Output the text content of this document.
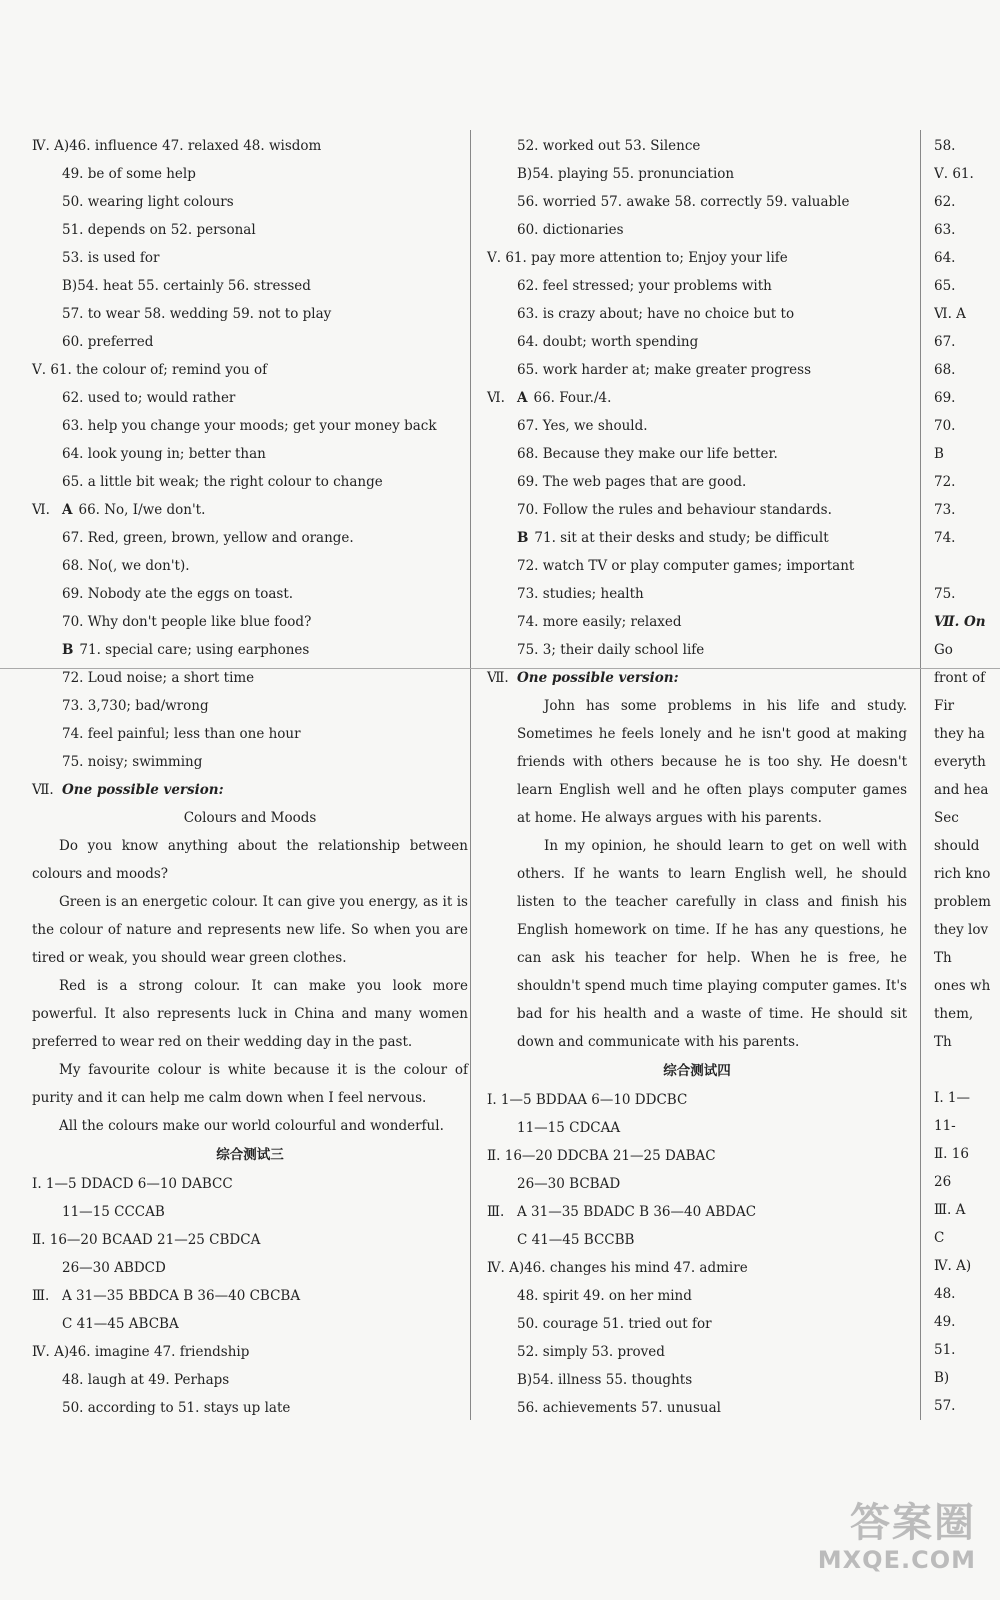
Ⅳ. A)46. influence 47. relaxed 48. wisdom
49. be of some help
50. wearing light colours
51. depends on 52. personal
53. is used for
B)54. heat 55. certainly 56. stressed
57. to wear 58. wedding 59. not to play
60. preferred
Ⅴ. 61. the colour of; remind you of
62. used to; would rather
63. help you change your moods; get your money back
64. look young in; better than
65. a little bit weak; the right colour to change
Ⅵ. A 66. No, I/we don't.
67. Red, green, brown, yellow and orange.
68. No(, we don't).
69. Nobody ate the eggs on toast.
70. Why don't people like blue food?
B 71. special care; using earphones
72. Loud noise; a short time
73. 3,730; bad/wrong
74. feel painful; less than one hour
75. noisy; swimming
Ⅶ. One possible version:
Colours and Moods

Do you know anything about the relationship between colours and moods?

Green is an energetic colour. It can give you energy, as it is the colour of nature and represents new life. So when you are tired or weak, you should wear green clothes.

Red is a strong colour. It can make you look more powerful. It also represents luck in China and many women preferred to wear red on their wedding day in the past.

My favourite colour is white because it is the colour of purity and it can help me calm down when I feel nervous.

All the colours make our world colourful and wonderful.

综合测试三
Ⅰ. 1—5 DDACD 6—10 DABCC
11—15 CCCAB
Ⅱ. 16—20 BCAAD 21—25 CBDCA
26—30 ABDCD
Ⅲ. A 31—35 BBDCA B 36—40 CBCBA
C 41—45 ABCBA
Ⅳ. A)46. imagine 47. friendship
48. laugh at 49. Perhaps
50. according to 51. stays up late
52. worked out 53. Silence
B)54. playing 55. pronunciation
56. worried 57. awake 58. correctly 59. valuable
60. dictionaries
Ⅴ. 61. pay more attention to; Enjoy your life
62. feel stressed; your problems with
63. is crazy about; have no choice but to
64. doubt; worth spending
65. work harder at; make greater progress
Ⅵ. A 66. Four./4.
67. Yes, we should.
68. Because they make our life better.
69. The web pages that are good.
70. Follow the rules and behaviour standards.
B 71. sit at their desks and study; be difficult
72. watch TV or play computer games; important
73. studies; health
74. more easily; relaxed
75. 3; their daily school life
Ⅶ. One possible version:

John has some problems in his life and study. Sometimes he feels lonely and he isn't good at making friends with others because he is too shy. He doesn't learn English well and he often plays computer games at home. He always argues with his parents.

In my opinion, he should learn to get on well with others. If he wants to learn English well, he should listen to the teacher carefully in class and finish his English homework on time. If he has any questions, he can ask his teacher for help. When he is free, he shouldn't spend much time playing computer games. It's bad for his health and a waste of time. He should sit down and communicate with his parents.

综合测试四
Ⅰ. 1—5 BDDAA 6—10 DDCBC
11—15 CDCAA
Ⅱ. 16—20 DDCBA 21—25 DABAC
26—30 BCBAD
Ⅲ. A 31—35 BDADC B 36—40 ABDAC
C 41—45 BCCBB
Ⅳ. A)46. changes his mind 47. admire
48. spirit 49. on her mind
50. courage 51. tried out for
52. simply 53. proved
B)54. illness 55. thoughts
56. achievements 57. unusual
58.
Ⅴ. 61.
62.
63.
64.
65.
Ⅵ. A
67.
68.
69.
70.
B
72.
73.
74.
75.
Ⅶ. On
Go
front of
Fir
they ha
everyth
and hea
Sec
should
rich kno
problem
they lov
Th
ones wh
them,
Th
Ⅰ. 1—
11-
Ⅱ. 16
26
Ⅲ. A
C
Ⅳ. A)
48.
49.
51.
B)
57.
答案圈
MXQE.COM
